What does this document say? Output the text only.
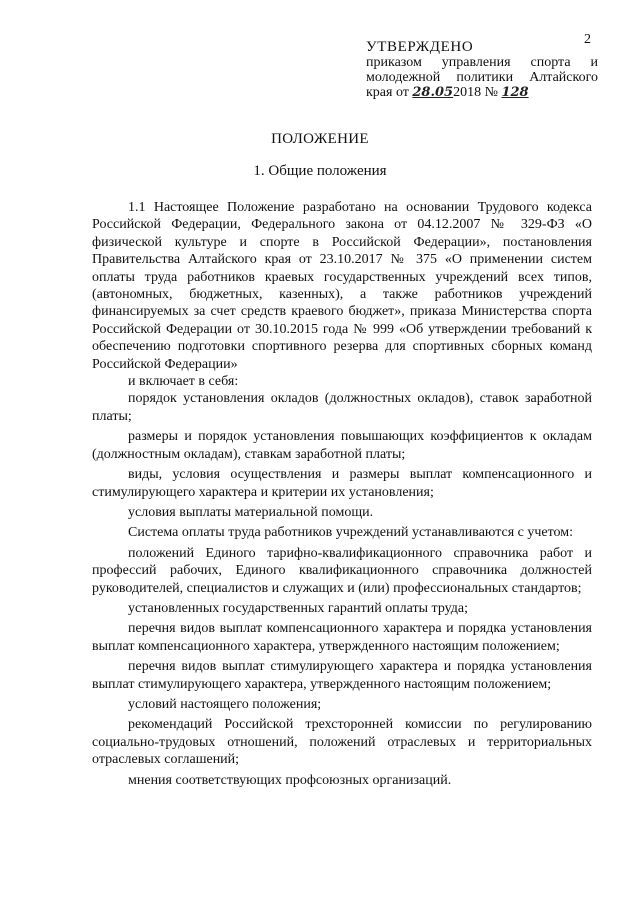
2
УТВЕРЖДЕНО
приказом управления спорта и
молодежной политики Алтайского
края от 28.052018 № 128
ПОЛОЖЕНИЕ
1. Общие положения

1.1 Настоящее Положение разработано на основании Трудового кодекса Российской Федерации, Федерального закона от 04.12.2007 № 329-ФЗ «О физической культуре и спорте в Российской Федерации», постановления Правительства Алтайского края от 23.10.2017 № 375 «О применении систем оплаты труда работников краевых государственных учреждений всех типов, (автономных, бюджетных, казенных), а также работников учреждений финансируемых за счет средств краевого бюджет», приказа Министерства спорта Российской Федерации от 30.10.2015 года № 999 «Об утверждении требований к обеспечению подготовки спортивного резерва для спортивных сборных команд Российской Федерации»

и включает в себя:

порядок установления окладов (должностных окладов), ставок заработной платы;

размеры и порядок установления повышающих коэффициентов к окладам (должностным окладам), ставкам заработной платы;

виды, условия осуществления и размеры выплат компенсационного и стимулирующего характера и критерии их установления;

условия выплаты материальной помощи.

Система оплаты труда работников учреждений устанавливаются с учетом:

положений Единого тарифно-квалификационного справочника работ и профессий рабочих, Единого квалификационного справочника должностей руководителей, специалистов и служащих и (или) профессиональных стандартов;

установленных государственных гарантий оплаты труда;

перечня видов выплат компенсационного характера и порядка установления выплат компенсационного характера, утвержденного настоящим положением;

перечня видов выплат стимулирующего характера и порядка установления выплат стимулирующего характера, утвержденного настоящим положением;

условий настоящего положения;

рекомендаций Российской трехсторонней комиссии по регулированию социально-трудовых отношений, положений отраслевых и территориальных отраслевых соглашений;

мнения соответствующих профсоюзных организаций.
